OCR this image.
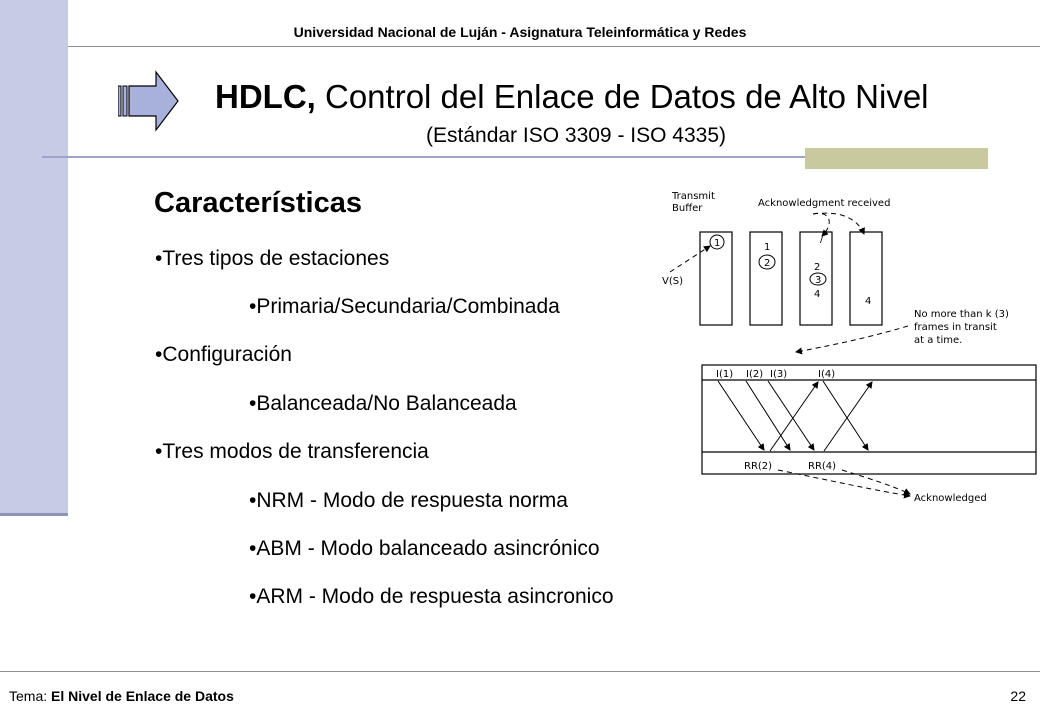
Universidad Nacional de Luján - Asignatura Teleinformática y Redes
HDLC, Control del Enlace de Datos de Alto Nivel
(Estándar ISO 3309 - ISO 4335)
Características
•Tres tipos de estaciones
•Primaria/Secundaria/Combinada
•Configuración
•Balanceada/No Balanceada
•Tres modos de transferencia
•NRM - Modo de respuesta norma
•ABM - Modo balanceado asincrónico
•ARM - Modo de respuesta asincronico
Transmit
Buffer	Acknowledgment received
1	1
2
/
2
3
4
4
V(S)
No more than k (3)
frames in transit
at a time.
I(1) I(2) I(3)	I(4)
RR(2)	RR(4)
Acknowledged
Tema: El Nivel de Enlace de Datos	22
